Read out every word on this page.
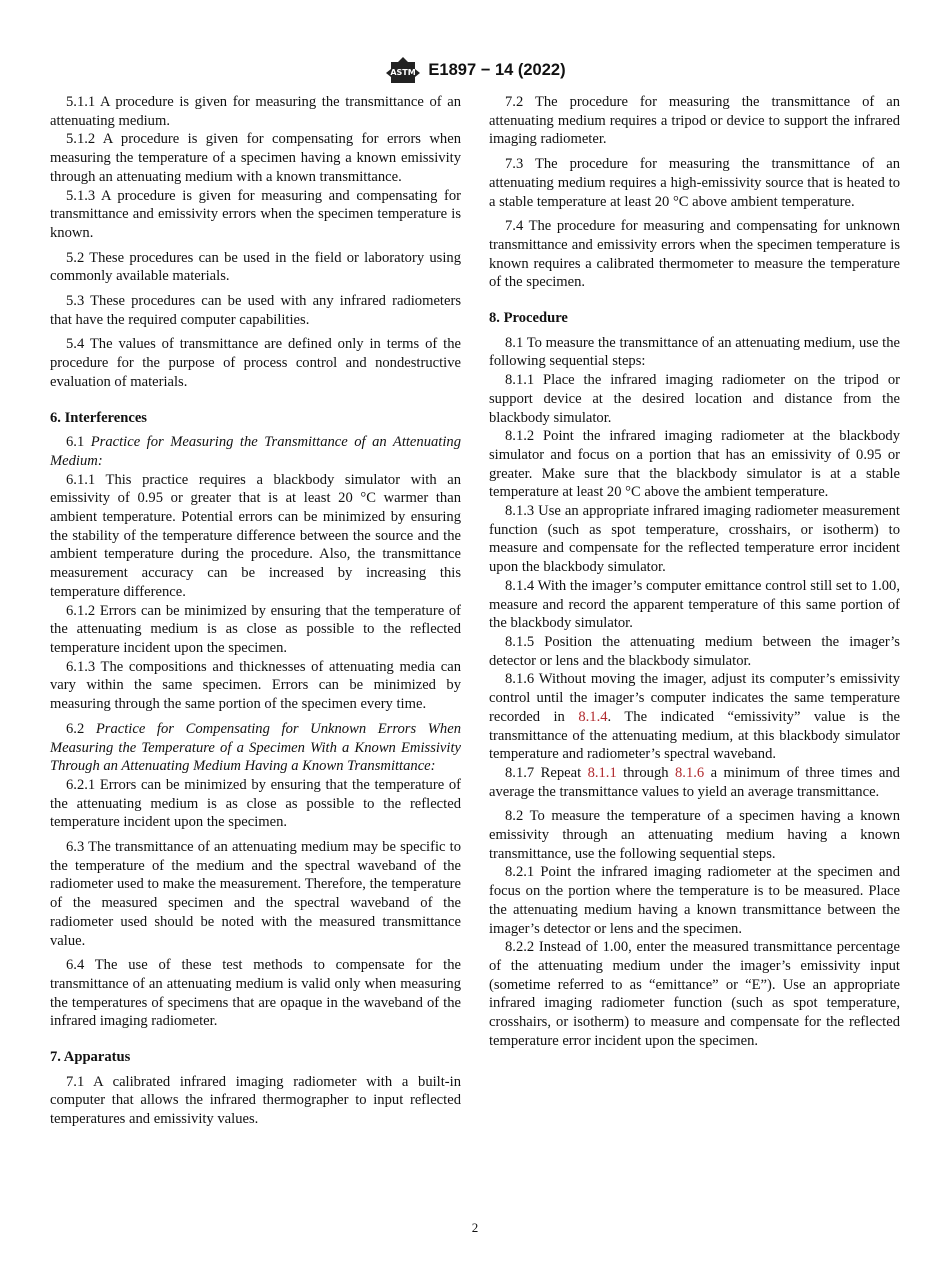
ASTM E1897 − 14 (2022)

5.1.1 A procedure is given for measuring the transmittance of an attenuating medium.

5.1.2 A procedure is given for compensating for errors when measuring the temperature of a specimen having a known emissivity through an attenuating medium with a known transmittance.

5.1.3 A procedure is given for measuring and compensating for transmittance and emissivity errors when the specimen temperature is known.

5.2 These procedures can be used in the field or laboratory using commonly available materials.

5.3 These procedures can be used with any infrared radiometers that have the required computer capabilities.

5.4 The values of transmittance are defined only in terms of the procedure for the purpose of process control and nondestructive evaluation of materials.

6. Interferences

6.1 Practice for Measuring the Transmittance of an Attenuating Medium:

6.1.1 This practice requires a blackbody simulator with an emissivity of 0.95 or greater that is at least 20 °C warmer than ambient temperature. Potential errors can be minimized by ensuring the stability of the temperature difference between the source and the ambient temperature during the procedure. Also, the transmittance measurement accuracy can be increased by increasing this temperature difference.

6.1.2 Errors can be minimized by ensuring that the temperature of the attenuating medium is as close as possible to the reflected temperature incident upon the specimen.

6.1.3 The compositions and thicknesses of attenuating media can vary within the same specimen. Errors can be minimized by measuring through the same portion of the specimen every time.

6.2 Practice for Compensating for Unknown Errors When Measuring the Temperature of a Specimen With a Known Emissivity Through an Attenuating Medium Having a Known Transmittance:

6.2.1 Errors can be minimized by ensuring that the temperature of the attenuating medium is as close as possible to the reflected temperature incident upon the specimen.

6.3 The transmittance of an attenuating medium may be specific to the temperature of the medium and the spectral waveband of the radiometer used to make the measurement. Therefore, the temperature of the measured specimen and the spectral waveband of the radiometer used should be noted with the measured transmittance value.

6.4 The use of these test methods to compensate for the transmittance of an attenuating medium is valid only when measuring the temperatures of specimens that are opaque in the waveband of the infrared imaging radiometer.

7. Apparatus

7.1 A calibrated infrared imaging radiometer with a built-in computer that allows the infrared thermographer to input reflected temperatures and emissivity values.

7.2 The procedure for measuring the transmittance of an attenuating medium requires a tripod or device to support the infrared imaging radiometer.

7.3 The procedure for measuring the transmittance of an attenuating medium requires a high-emissivity source that is heated to a stable temperature at least 20 °C above ambient temperature.

7.4 The procedure for measuring and compensating for unknown transmittance and emissivity errors when the specimen temperature is known requires a calibrated thermometer to measure the temperature of the specimen.

8. Procedure

8.1 To measure the transmittance of an attenuating medium, use the following sequential steps:

8.1.1 Place the infrared imaging radiometer on the tripod or support device at the desired location and distance from the blackbody simulator.

8.1.2 Point the infrared imaging radiometer at the blackbody simulator and focus on a portion that has an emissivity of 0.95 or greater. Make sure that the blackbody simulator is at a stable temperature at least 20 °C above the ambient temperature.

8.1.3 Use an appropriate infrared imaging radiometer measurement function (such as spot temperature, crosshairs, or isotherm) to measure and compensate for the reflected temperature error incident upon the blackbody simulator.

8.1.4 With the imager’s computer emittance control still set to 1.00, measure and record the apparent temperature of this same portion of the blackbody simulator.

8.1.5 Position the attenuating medium between the imager’s detector or lens and the blackbody simulator.

8.1.6 Without moving the imager, adjust its computer’s emissivity control until the imager’s computer indicates the same temperature recorded in 8.1.4. The indicated “emissivity” value is the transmittance of the attenuating medium, at this blackbody simulator temperature and radiometer’s spectral waveband.

8.1.7 Repeat 8.1.1 through 8.1.6 a minimum of three times and average the transmittance values to yield an average transmittance.

8.2 To measure the temperature of a specimen having a known emissivity through an attenuating medium having a known transmittance, use the following sequential steps.

8.2.1 Point the infrared imaging radiometer at the specimen and focus on the portion where the temperature is to be measured. Place the attenuating medium having a known transmittance between the imager’s detector or lens and the specimen.

8.2.2 Instead of 1.00, enter the measured transmittance percentage of the attenuating medium under the imager’s emissivity input (sometime referred to as “emittance” or “E”). Use an appropriate infrared imaging radiometer function (such as spot temperature, crosshairs, or isotherm) to measure and compensate for the reflected temperature error incident upon the specimen.

2
